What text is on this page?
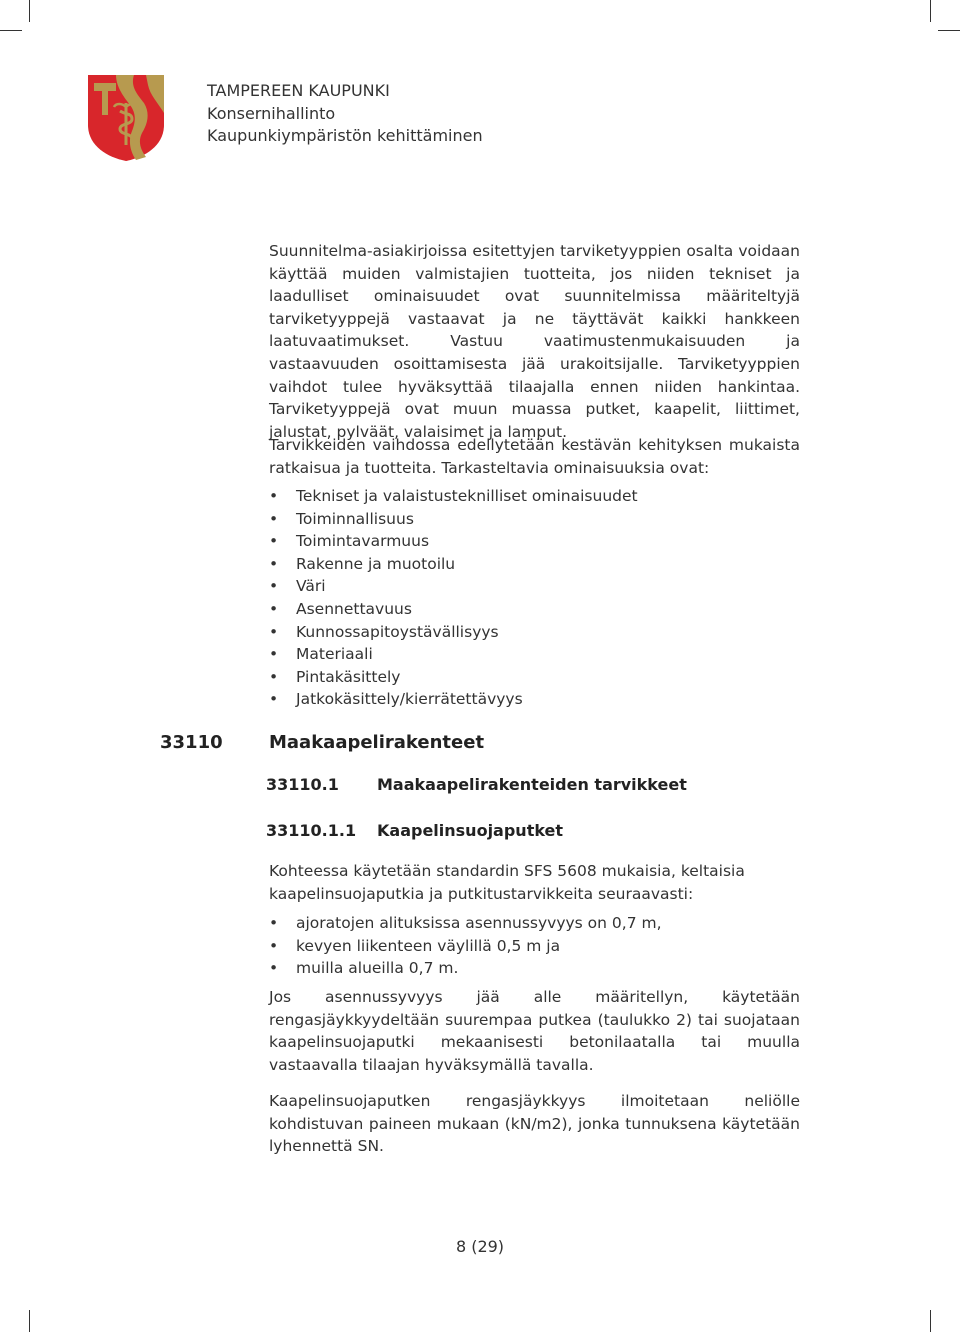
TAMPEREEN KAUPUNKI
Konsernihallinto
Kaupunkiympäristön kehittäminen
Suunnitelma-asiakirjoissa esitettyjen tarviketyyppien osalta voidaan käyttää muiden valmistajien tuotteita, jos niiden tekniset ja laadulliset ominaisuudet ovat suunnitelmissa määriteltyjä tarviketyyppejä vastaavat ja ne täyttävät kaikki hankkeen laatuvaatimukset. Vastuu vaatimustenmukaisuuden ja vastaavuuden osoittamisesta jää urakoitsijalle. Tarviketyyppien vaihdot tulee hyväksyttää tilaajalla ennen niiden hankintaa. Tarviketyyppejä ovat muun muassa putket, kaapelit, liittimet, jalustat, pylväät, valaisimet ja lamput.
Tarvikkeiden vaihdossa edellytetään kestävän kehityksen mukaista ratkaisua ja tuotteita. Tarkasteltavia ominaisuuksia ovat:
• Tekniset ja valaistusteknilliset ominaisuudet
• Toiminnallisuus
• Toimintavarmuus
• Rakenne ja muotoilu
• Väri
• Asennettavuus
• Kunnossapitoystävällisyys
• Materiaali
• Pintakäsittely
• Jatkokäsittely/kierrätettävyys
33110	Maakaapelirakenteet
33110.1 Maakaapelirakenteiden tarvikkeet
33110.1.1 Kaapelinsuojaputket
Kohteessa käytetään standardin SFS 5608 mukaisia, keltaisia kaapelinsuojaputkia ja putkitustarvikkeita seuraavasti:
• ajoratojen alituksissa asennussyvyys on 0,7 m,
• kevyen liikenteen väylillä 0,5 m ja
• muilla alueilla 0,7 m.
Jos asennussyvyys jää alle määritellyn, käytetään rengasjäykkyydeltään suurempaa putkea (taulukko 2) tai suojataan kaapelinsuojaputki mekaanisesti betonilaatalla tai muulla vastaavalla tilaajan hyväksymällä tavalla.
Kaapelinsuojaputken rengasjäykkyys ilmoitetaan neliölle kohdistuvan paineen mukaan (kN/m2), jonka tunnuksena käytetään lyhennettä SN.
8 (29)
